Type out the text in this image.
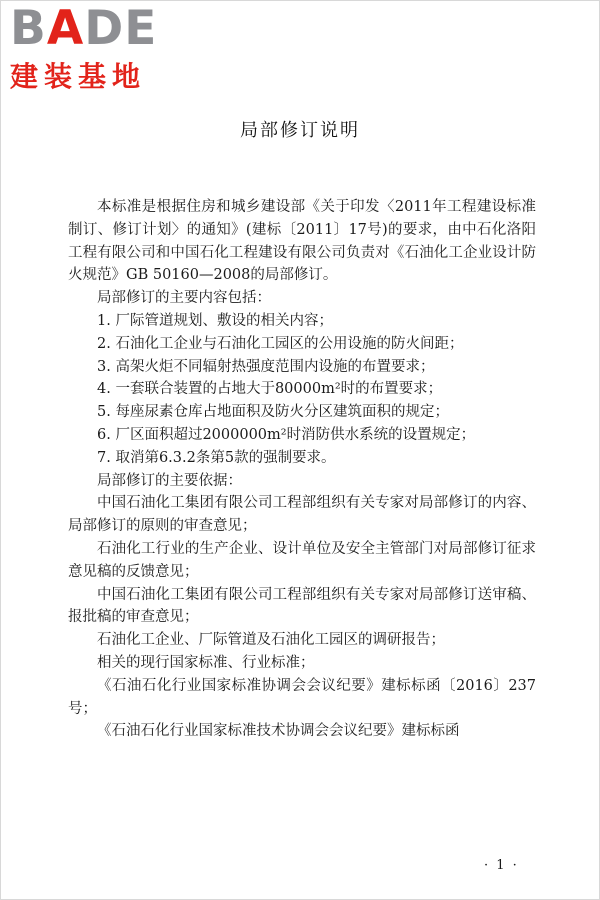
BADE
建装基地
局部修订说明

本标准是根据住房和城乡建设部《关于印发〈2011年工程建设标准制订、修订计划〉的通知》(建标〔2011〕17号)的要求，由中石化洛阳工程有限公司和中国石化工程建设有限公司负责对《石油化工企业设计防火规范》GB 50160—2008的局部修订。

局部修订的主要内容包括：

1. 厂际管道规划、敷设的相关内容；

2. 石油化工企业与石油化工园区的公用设施的防火间距；

3. 高架火炬不同辐射热强度范围内设施的布置要求；

4. 一套联合装置的占地大于80000m²时的布置要求；

5. 每座尿素仓库占地面积及防火分区建筑面积的规定；

6. 厂区面积超过2000000m²时消防供水系统的设置规定；

7. 取消第6.3.2条第5款的强制要求。

局部修订的主要依据：

中国石油化工集团有限公司工程部组织有关专家对局部修订的内容、局部修订的原则的审查意见；

石油化工行业的生产企业、设计单位及安全主管部门对局部修订征求意见稿的反馈意见；

中国石油化工集团有限公司工程部组织有关专家对局部修订送审稿、报批稿的审查意见；

石油化工企业、厂际管道及石油化工园区的调研报告；

相关的现行国家标准、行业标准；

《石油石化行业国家标准协调会会议纪要》建标标函〔2016〕237号；

《石油石化行业国家标准技术协调会会议纪要》建标标函

· 1 ·
